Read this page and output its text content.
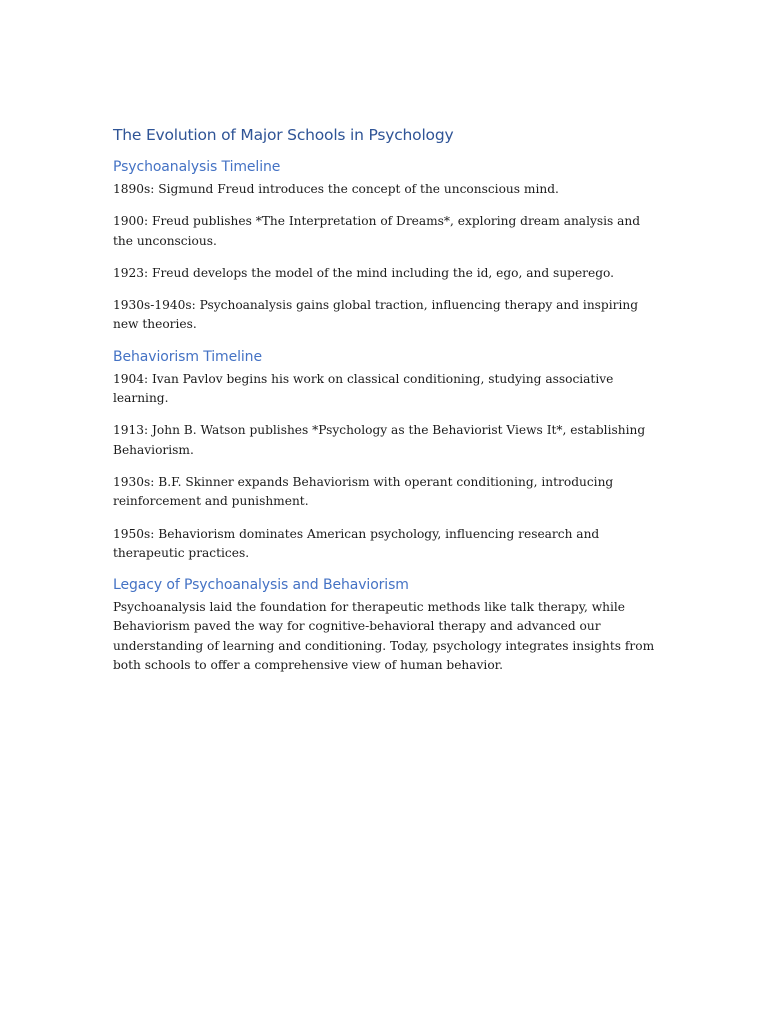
The Evolution of Major Schools in Psychology
Psychoanalysis Timeline

1890s: Sigmund Freud introduces the concept of the unconscious mind.

1900: Freud publishes *The Interpretation of Dreams*, exploring dream analysis and the unconscious.

1923: Freud develops the model of the mind including the id, ego, and superego.

1930s-1940s: Psychoanalysis gains global traction, influencing therapy and inspiring new theories.

Behaviorism Timeline

1904: Ivan Pavlov begins his work on classical conditioning, studying associative learning.

1913: John B. Watson publishes *Psychology as the Behaviorist Views It*, establishing Behaviorism.

1930s: B.F. Skinner expands Behaviorism with operant conditioning, introducing reinforcement and punishment.

1950s: Behaviorism dominates American psychology, influencing research and therapeutic practices.

Legacy of Psychoanalysis and Behaviorism

Psychoanalysis laid the foundation for therapeutic methods like talk therapy, while Behaviorism paved the way for cognitive-behavioral therapy and advanced our understanding of learning and conditioning. Today, psychology integrates insights from both schools to offer a comprehensive view of human behavior.
